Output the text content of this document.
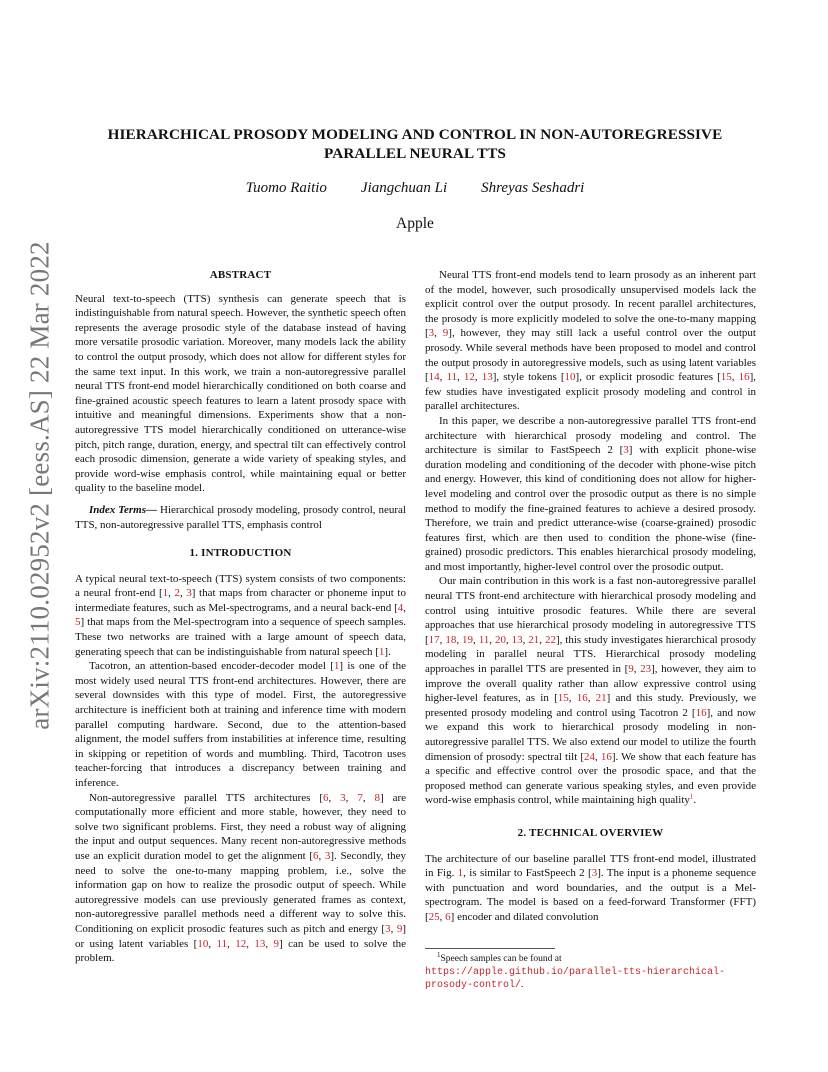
arXiv:2110.02952v2 [eess.AS] 22 Mar 2022
HIERARCHICAL PROSODY MODELING AND CONTROL IN NON-AUTOREGRESSIVE
PARALLEL NEURAL TTS
Tuomo Raitio Jiangchuan Li Shreyas Seshadri
Apple
ABSTRACT

Neural text-to-speech (TTS) synthesis can generate speech that is indistinguishable from natural speech. However, the synthetic speech often represents the average prosodic style of the database instead of having more versatile prosodic variation. Moreover, many models lack the ability to control the output prosody, which does not allow for different styles for the same text input. In this work, we train a non-autoregressive parallel neural TTS front-end model hierarchically conditioned on both coarse and fine-grained acoustic speech features to learn a latent prosody space with intuitive and meaningful dimensions. Experiments show that a non-autoregressive TTS model hierarchically conditioned on utterance-wise pitch, pitch range, duration, energy, and spectral tilt can effectively control each prosodic dimension, generate a wide variety of speaking styles, and provide word-wise emphasis control, while maintaining equal or better quality to the baseline model.

Index Terms— Hierarchical prosody modeling, prosody control, neural TTS, non-autoregressive parallel TTS, emphasis control

1. INTRODUCTION

A typical neural text-to-speech (TTS) system consists of two components: a neural front-end [1, 2, 3] that maps from character or phoneme input to intermediate features, such as Mel-spectrograms, and a neural back-end [4, 5] that maps from the Mel-spectrogram into a sequence of speech samples. These two networks are trained with a large amount of speech data, generating speech that can be indistinguishable from natural speech [1].

Tacotron, an attention-based encoder-decoder model [1] is one of the most widely used neural TTS front-end architectures. However, there are several downsides with this type of model. First, the autoregressive architecture is inefficient both at training and inference time with modern parallel computing hardware. Second, due to the attention-based alignment, the model suffers from instabilities at inference time, resulting in skipping or repetition of words and mumbling. Third, Tacotron uses teacher-forcing that introduces a discrepancy between training and inference.

Non-autoregressive parallel TTS architectures [6, 3, 7, 8] are computationally more efficient and more stable, however, they need to solve two significant problems. First, they need a robust way of aligning the input and output sequences. Many recent non-autoregressive methods use an explicit duration model to get the alignment [6, 3]. Secondly, they need to solve the one-to-many mapping problem, i.e., solve the information gap on how to realize the prosodic output of speech. While autoregressive models can use previously generated frames as context, non-autoregressive parallel methods need a different way to solve this. Conditioning on explicit prosodic features such as pitch and energy [3, 9] or using latent variables [10, 11, 12, 13, 9] can be used to solve the problem.

Neural TTS front-end models tend to learn prosody as an inherent part of the model, however, such prosodically unsupervised models lack the explicit control over the output prosody. In recent parallel architectures, the prosody is more explicitly modeled to solve the one-to-many mapping [3, 9], however, they may still lack a useful control over the output prosody. While several methods have been proposed to model and control the output prosody in autoregressive models, such as using latent variables [14, 11, 12, 13], style tokens [10], or explicit prosodic features [15, 16], few studies have investigated explicit prosody modeling and control in parallel architectures.

In this paper, we describe a non-autoregressive parallel TTS front-end architecture with hierarchical prosody modeling and control. The architecture is similar to FastSpeech 2 [3] with explicit phone-wise duration modeling and conditioning of the decoder with phone-wise pitch and energy. However, this kind of conditioning does not allow for higher-level modeling and control over the prosodic output as there is no simple method to modify the fine-grained features to achieve a desired prosody. Therefore, we train and predict utterance-wise (coarse-grained) prosodic features first, which are then used to condition the phone-wise (fine-grained) prosodic predictors. This enables hierarchical prosody modeling, and most importantly, higher-level control over the prosodic output.

Our main contribution in this work is a fast non-autoregressive parallel neural TTS front-end architecture with hierarchical prosody modeling and control using intuitive prosodic features. While there are several approaches that use hierarchical prosody modeling in autoregressive TTS [17, 18, 19, 11, 20, 13, 21, 22], this study investigates hierarchical prosody modeling in parallel neural TTS. Hierarchical prosody modeling approaches in parallel TTS are presented in [9, 23], however, they aim to improve the overall quality rather than allow expressive control using higher-level features, as in [15, 16, 21] and this study. Previously, we presented prosody modeling and control using Tacotron 2 [16], and now we expand this work to hierarchical prosody modeling in non-autoregressive parallel TTS. We also extend our model to utilize the fourth dimension of prosody: spectral tilt [24, 16]. We show that each feature has a specific and effective control over the prosodic space, and that the proposed method can generate various speaking styles, and even provide word-wise emphasis control, while maintaining high quality$^1$.

2. TECHNICAL OVERVIEW

The architecture of our baseline parallel TTS front-end model, illustrated in Fig. 1, is similar to FastSpeech 2 [3]. The input is a phoneme sequence with punctuation and word boundaries, and the output is a Mel-spectrogram. The model is based on a feed-forward Transformer (FFT) [25, 6] encoder and dilated convolution

$^1$Speech samples can be found at https://apple.github.io/parallel-tts-hierarchical-prosody-control/.
